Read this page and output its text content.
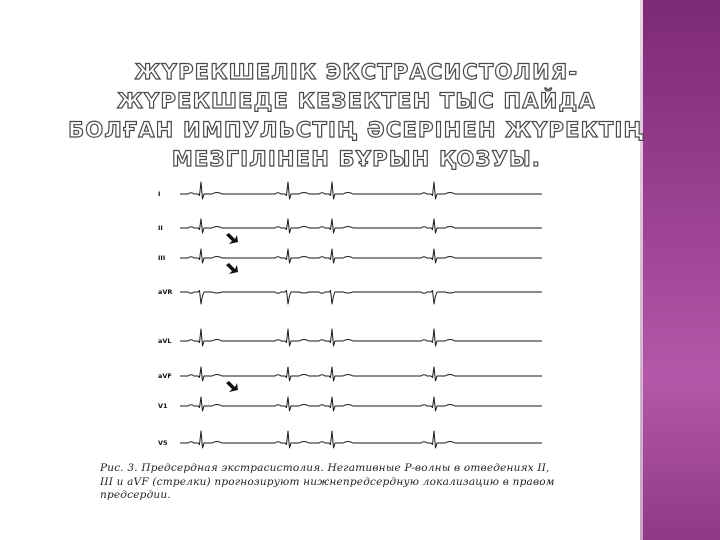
ЖҮРЕКШЕЛІК ЭКСТРАСИСТОЛИЯ-ЖҮРЕКШЕДЕ КЕЗЕКТЕН ТЫС ПАЙДА БОЛҒАН ИМПУЛЬСТІҢ ӘСЕРІНЕН ЖҮРЕКТІҢ МЕЗГІЛІНЕН БҰРЫН ҚОЗУЫ.
I
II
III
aVR
aVL
aVF
V1
V5

Рис. 3. Предсердная экстрасистолия. Негативные P-волны в отведениях II, III и aVF (стрелки) прогнозируют нижнепредсердную локализацию в правом предсердии.
